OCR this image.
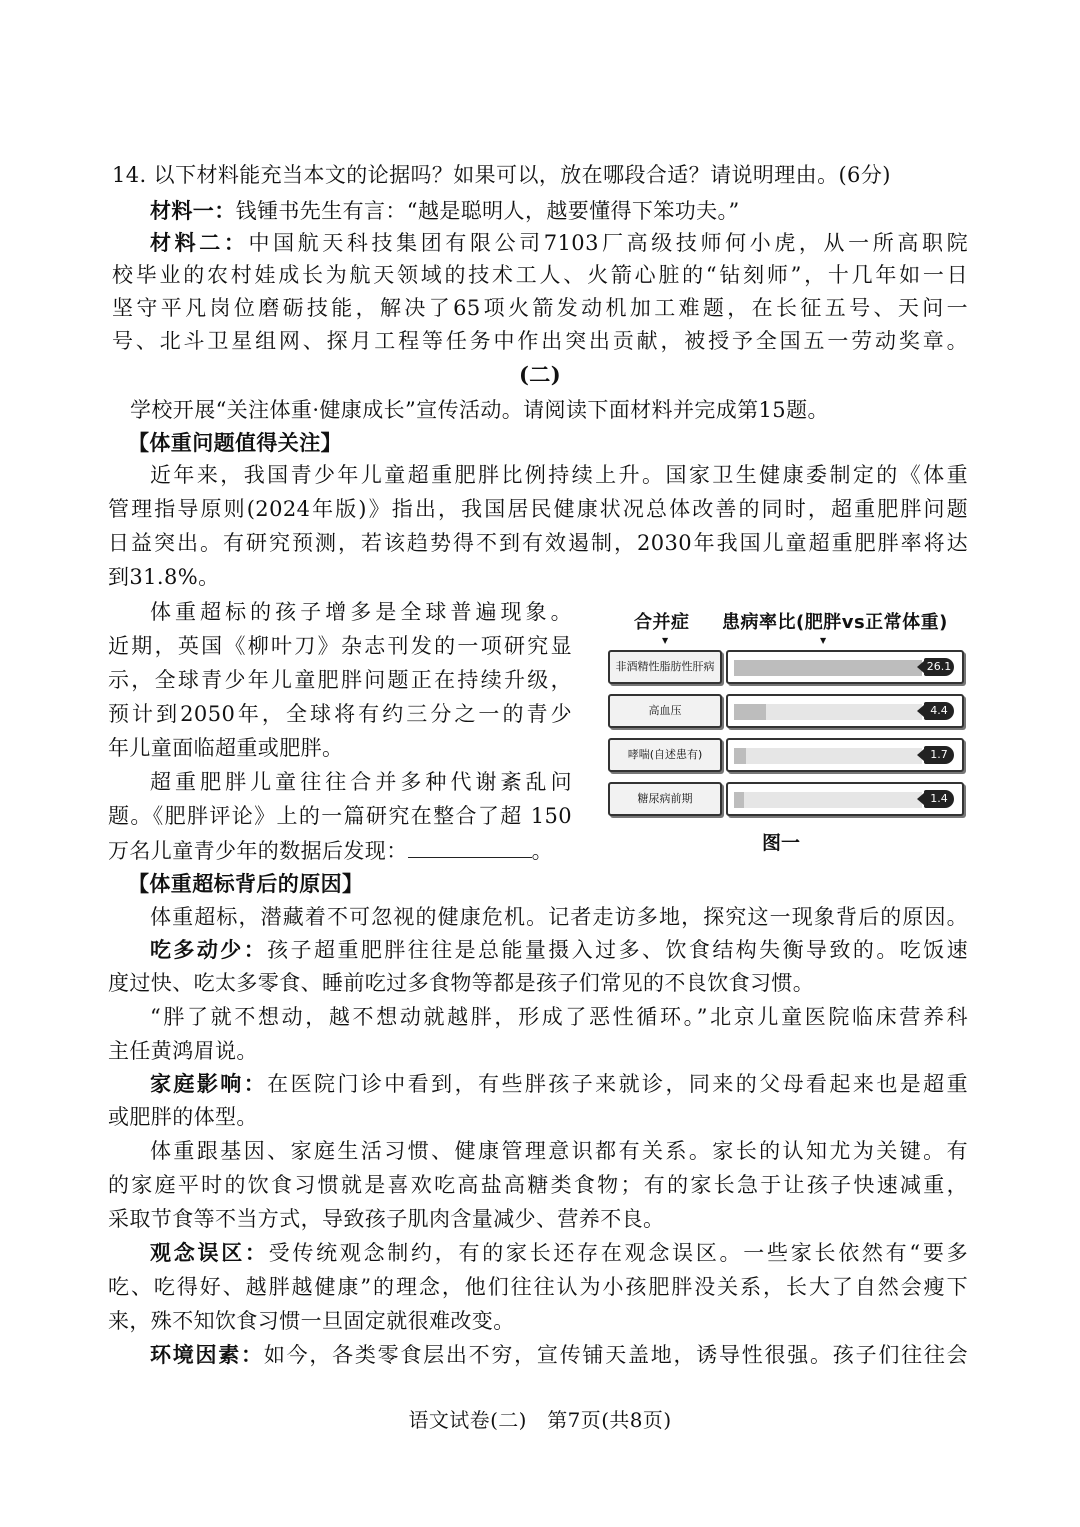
14. 以下材料能充当本文的论据吗？如果可以，放在哪段合适？请说明理由。(6分)
材料一：钱锺书先生有言：“越是聪明人，越要懂得下笨功夫。”
材料二：中国航天科技集团有限公司7103厂高级技师何小虎，从一所高职院
校毕业的农村娃成长为航天领域的技术工人、火箭心脏的“钻刻师”，十几年如一日
坚守平凡岗位磨砺技能，解决了65项火箭发动机加工难题，在长征五号、天问一
号、北斗卫星组网、探月工程等任务中作出突出贡献，被授予全国五一劳动奖章。
(二)
学校开展“关注体重·健康成长”宣传活动。请阅读下面材料并完成第15题。
【体重问题值得关注】
近年来，我国青少年儿童超重肥胖比例持续上升。国家卫生健康委制定的《体重
管理指导原则(2024年版)》指出，我国居民健康状况总体改善的同时，超重肥胖问题
日益突出。有研究预测，若该趋势得不到有效遏制，2030年我国儿童超重肥胖率将达
到31.8%。
体重超标的孩子增多是全球普遍现象。
近期，英国《柳叶刀》杂志刊发的一项研究显
示，全球青少年儿童肥胖问题正在持续升级，
预计到2050年，全球将有约三分之一的青少
年儿童面临超重或肥胖。
超重肥胖儿童往往合并多种代谢紊乱问
题。《肥胖评论》上的一篇研究在整合了超 150
万名儿童青少年的数据后发现：	。
合并症 患病率比(肥胖vs正常体重)
▼	▼
非酒精性脂肪性肝病	26.1
高血压	4.4
哮喘(自述患有)	1.7
糖尿病前期	1.4
图一
【体重超标背后的原因】
体重超标，潜藏着不可忽视的健康危机。记者走访多地，探究这一现象背后的原因。
吃多动少：孩子超重肥胖往往是总能量摄入过多、饮食结构失衡导致的。吃饭速
度过快、吃太多零食、睡前吃过多食物等都是孩子们常见的不良饮食习惯。
“胖了就不想动，越不想动就越胖，形成了恶性循环。”北京儿童医院临床营养科
主任黄鸿眉说。
家庭影响：在医院门诊中看到，有些胖孩子来就诊，同来的父母看起来也是超重
或肥胖的体型。
体重跟基因、家庭生活习惯、健康管理意识都有关系。家长的认知尤为关键。有
的家庭平时的饮食习惯就是喜欢吃高盐高糖类食物；有的家长急于让孩子快速减重，
采取节食等不当方式，导致孩子肌肉含量减少、营养不良。
观念误区：受传统观念制约，有的家长还存在观念误区。一些家长依然有“要多
吃、吃得好、越胖越健康”的理念，他们往往认为小孩肥胖没关系，长大了自然会瘦下
来，殊不知饮食习惯一旦固定就很难改变。
环境因素：如今，各类零食层出不穷，宣传铺天盖地，诱导性很强。孩子们往往会
语文试卷(二)　第7页(共8页)
